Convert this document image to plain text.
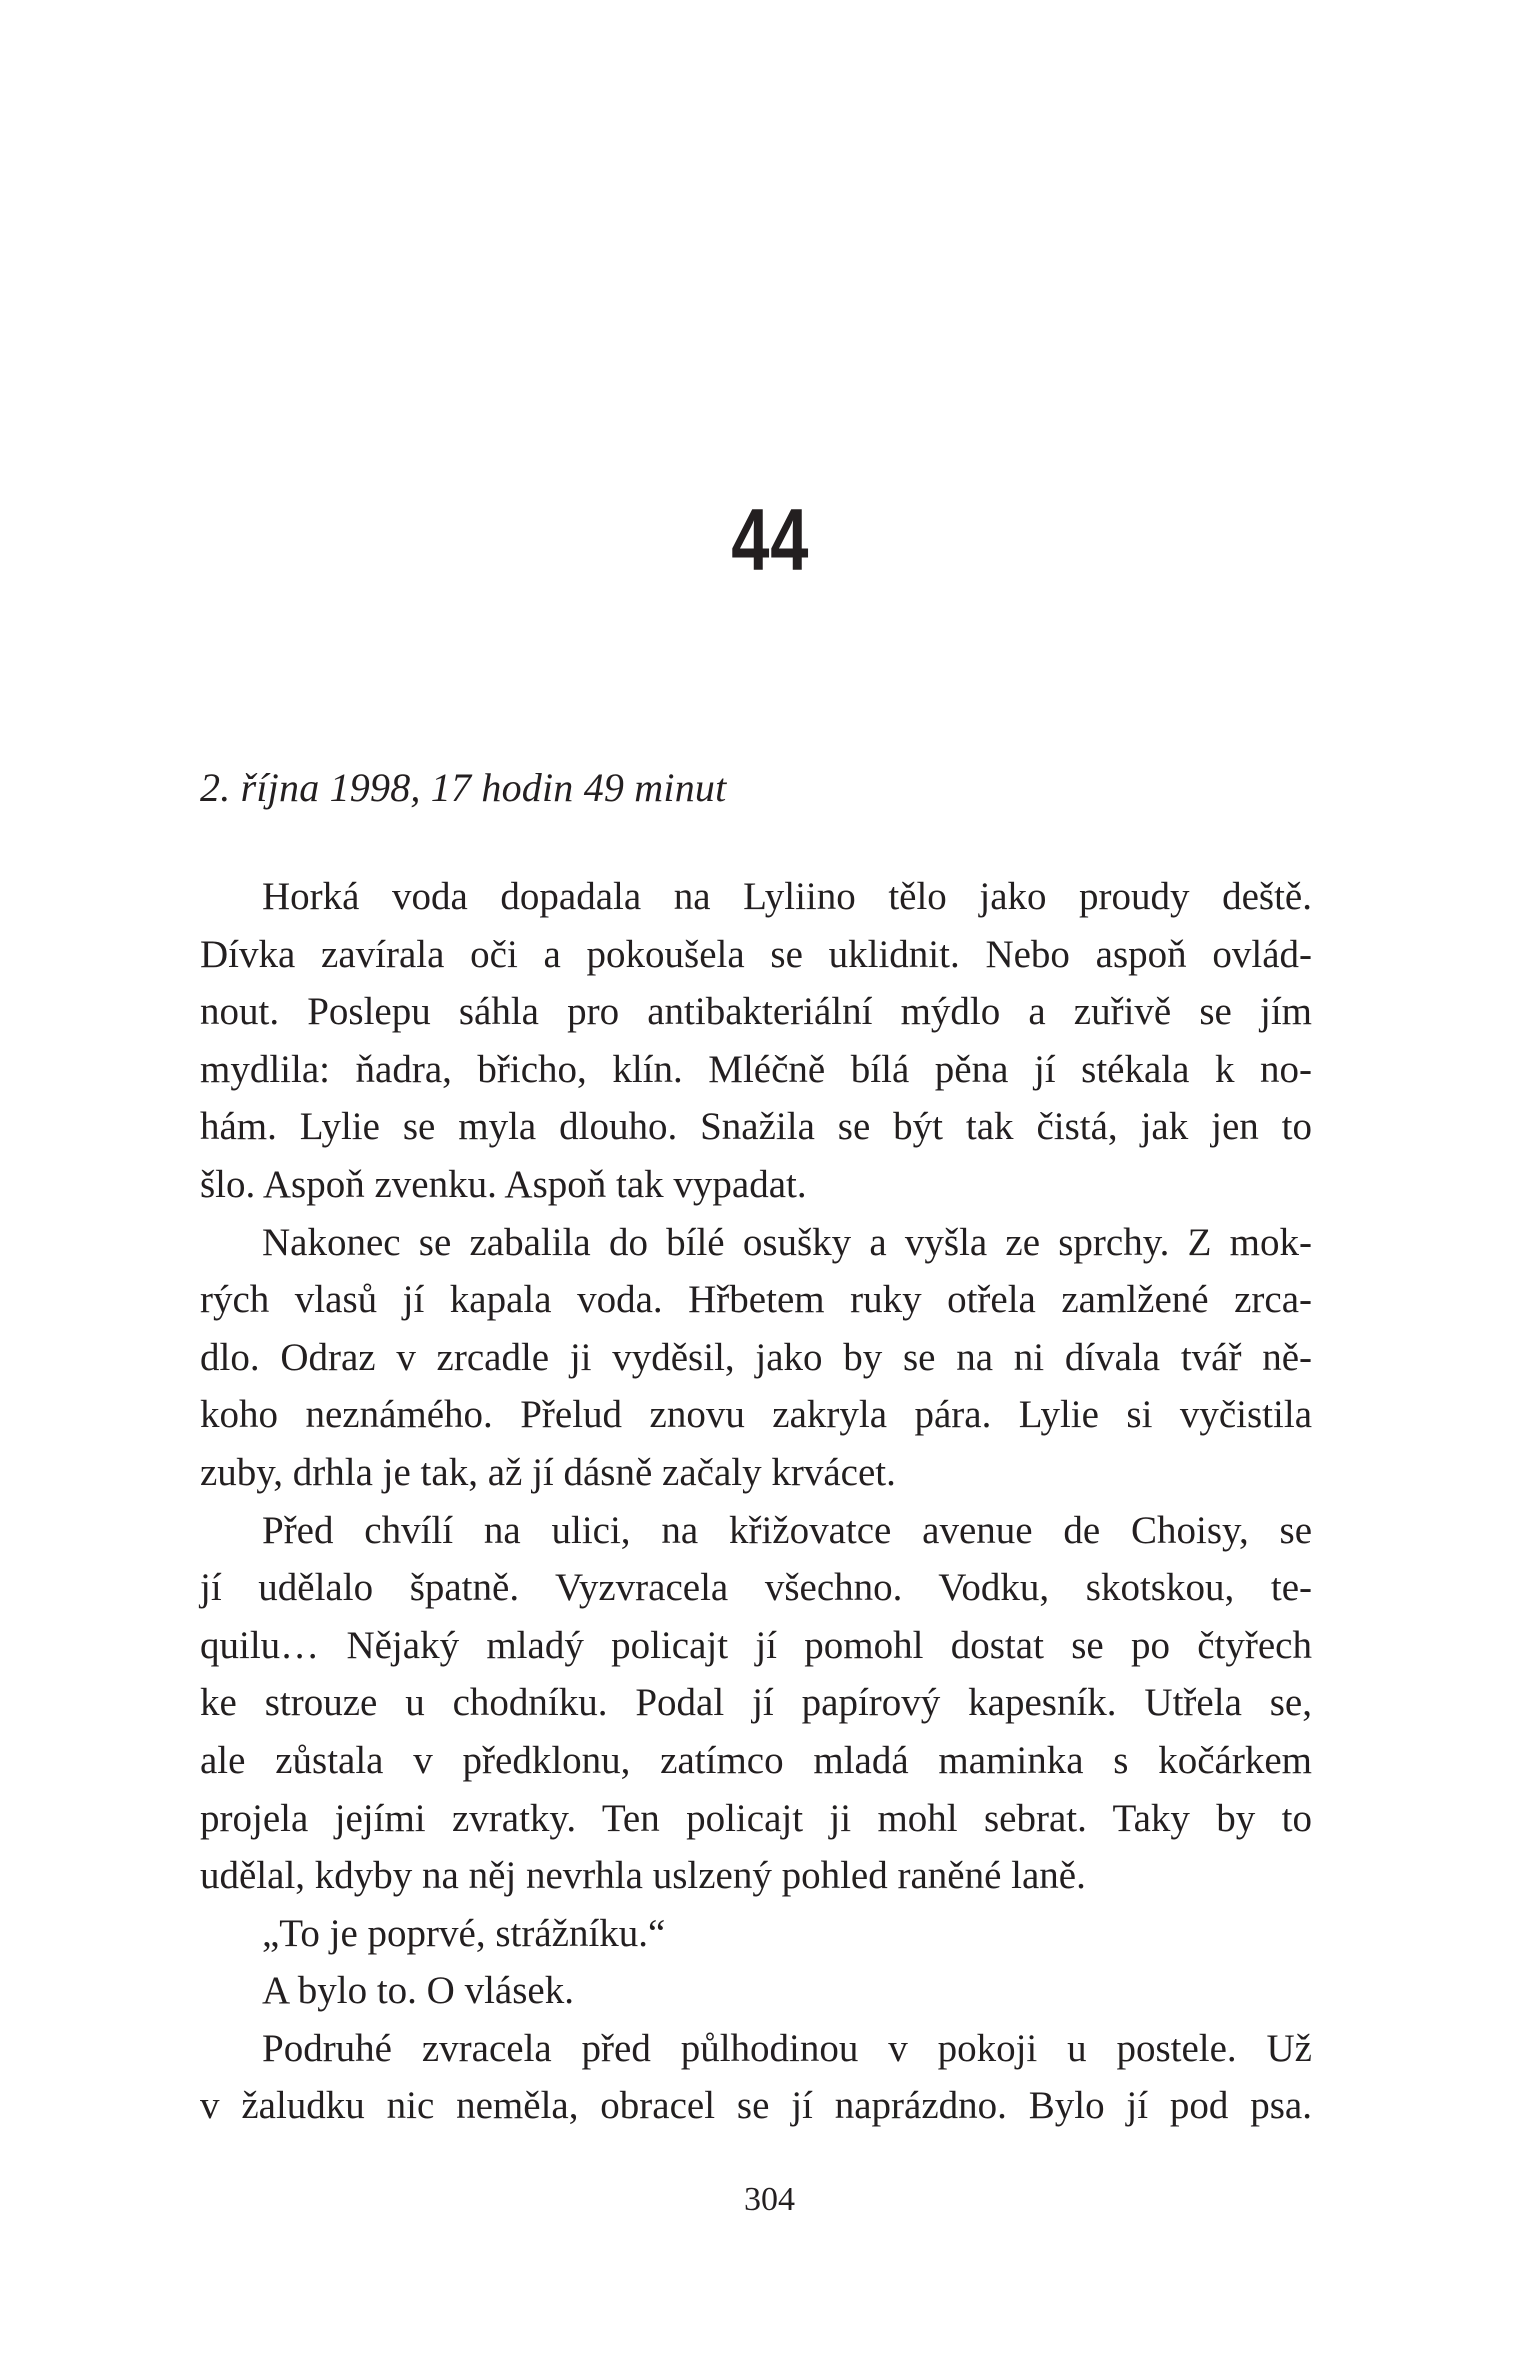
44
2. října 1998, 17 hodin 49 minut
Horká voda dopadala na Lyliino tělo jako proudy deště.
Dívka zavírala oči a pokoušela se uklidnit. Nebo aspoň ovlád-
nout. Poslepu sáhla pro antibakteriální mýdlo a zuřivě se jím
mydlila: ňadra, břicho, klín. Mléčně bílá pěna jí stékala k no-
hám. Lylie se myla dlouho. Snažila se být tak čistá, jak jen to
šlo. Aspoň zvenku. Aspoň tak vypadat.
Nakonec se zabalila do bílé osušky a vyšla ze sprchy. Z mok-
rých vlasů jí kapala voda. Hřbetem ruky otřela zamlžené zrca-
dlo. Odraz v zrcadle ji vyděsil, jako by se na ni dívala tvář ně-
koho neznámého. Přelud znovu zakryla pára. Lylie si vyčistila
zuby, drhla je tak, až jí dásně začaly krvácet.
Před chvílí na ulici, na křižovatce avenue de Choisy, se
jí udělalo špatně. Vyzvracela všechno. Vodku, skotskou, te-
quilu… Nějaký mladý policajt jí pomohl dostat se po čtyřech
ke strouze u chodníku. Podal jí papírový kapesník. Utřela se,
ale zůstala v předklonu, zatímco mladá maminka s kočárkem
projela jejími zvratky. Ten policajt ji mohl sebrat. Taky by to
udělal, kdyby na něj nevrhla uslzený pohled raněné laně.
„To je poprvé, strážníku.“
A bylo to. O vlásek.
Podruhé zvracela před půlhodinou v pokoji u postele. Už
v žaludku nic neměla, obracel se jí naprázdno. Bylo jí pod psa.
304
